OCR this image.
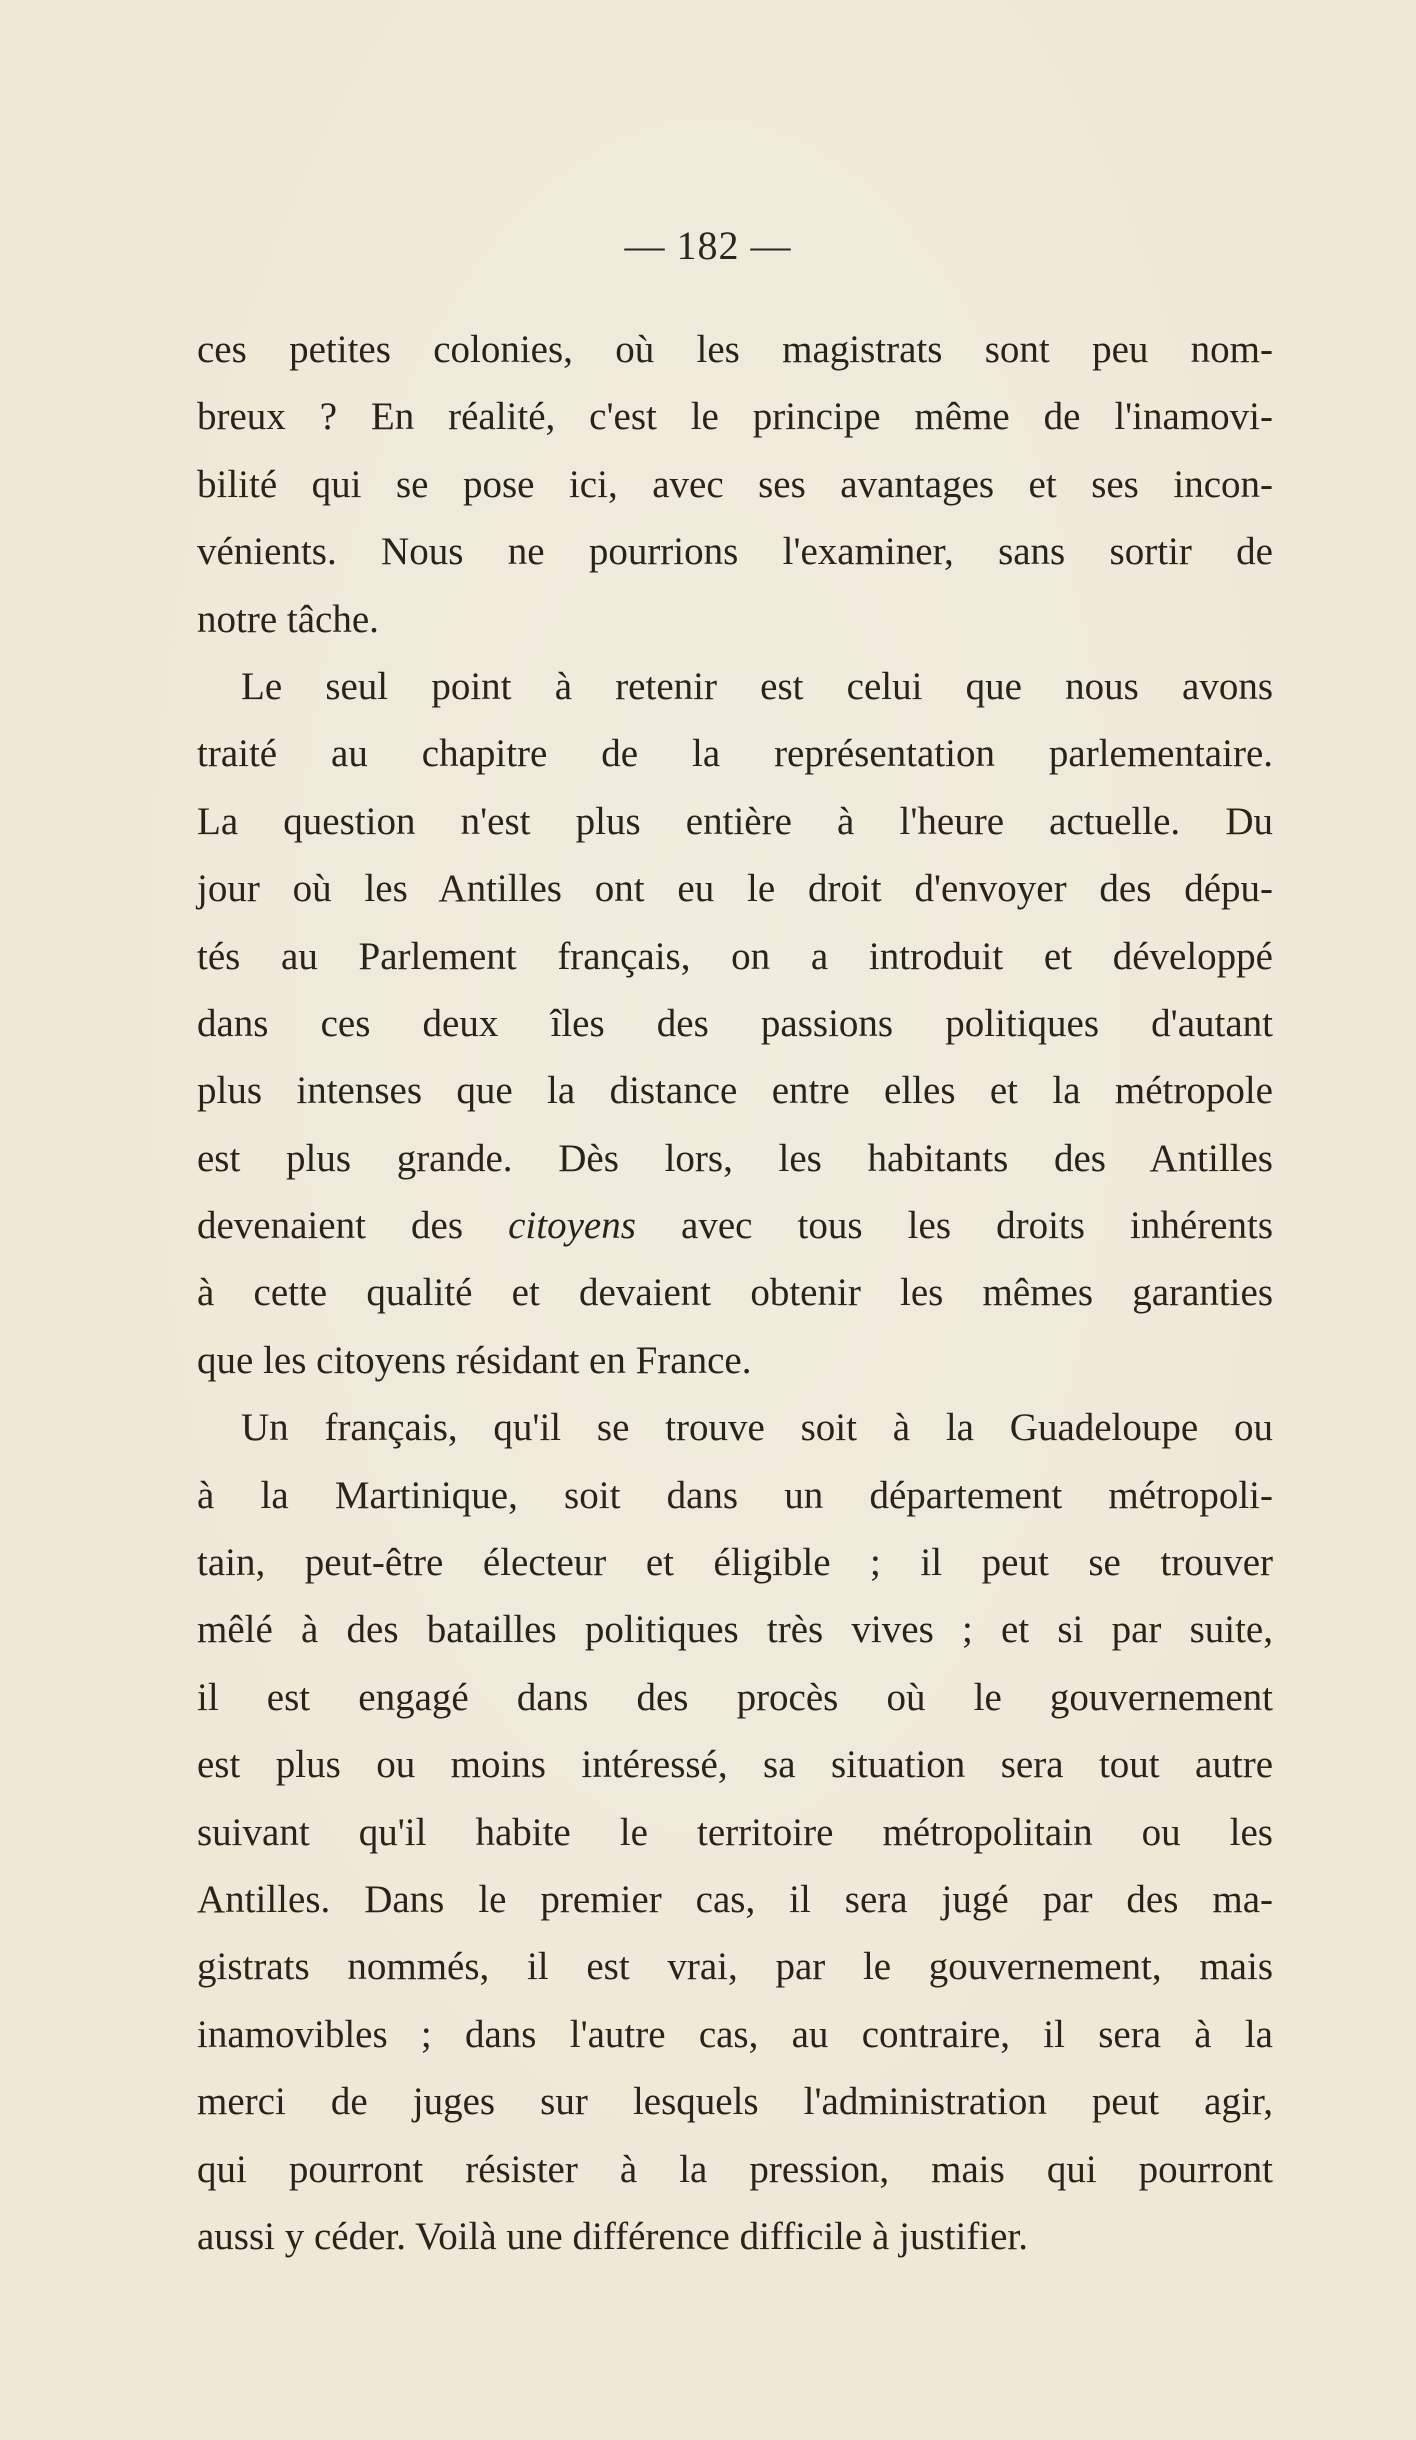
— 182 —
ces petites colonies, où les magistrats sont peu nom-
breux ? En réalité, c'est le principe même de l'inamovi-
bilité qui se pose ici, avec ses avantages et ses incon-
vénients. Nous ne pourrions l'examiner, sans sortir de
notre tâche.
Le seul point à retenir est celui que nous avons
traité au chapitre de la représentation parlementaire.
La question n'est plus entière à l'heure actuelle. Du
jour où les Antilles ont eu le droit d'envoyer des dépu-
tés au Parlement français, on a introduit et développé
dans ces deux îles des passions politiques d'autant
plus intenses que la distance entre elles et la métropole
est plus grande. Dès lors, les habitants des Antilles
devenaient des citoyens avec tous les droits inhérents
à cette qualité et devaient obtenir les mêmes garanties
que les citoyens résidant en France.
Un français, qu'il se trouve soit à la Guadeloupe ou
à la Martinique, soit dans un département métropoli-
tain, peut-être électeur et éligible ; il peut se trouver
mêlé à des batailles politiques très vives ; et si par suite,
il est engagé dans des procès où le gouvernement
est plus ou moins intéressé, sa situation sera tout autre
suivant qu'il habite le territoire métropolitain ou les
Antilles. Dans le premier cas, il sera jugé par des ma-
gistrats nommés, il est vrai, par le gouvernement, mais
inamovibles ; dans l'autre cas, au contraire, il sera à la
merci de juges sur lesquels l'administration peut agir,
qui pourront résister à la pression, mais qui pourront
aussi y céder. Voilà une différence difficile à justifier.
